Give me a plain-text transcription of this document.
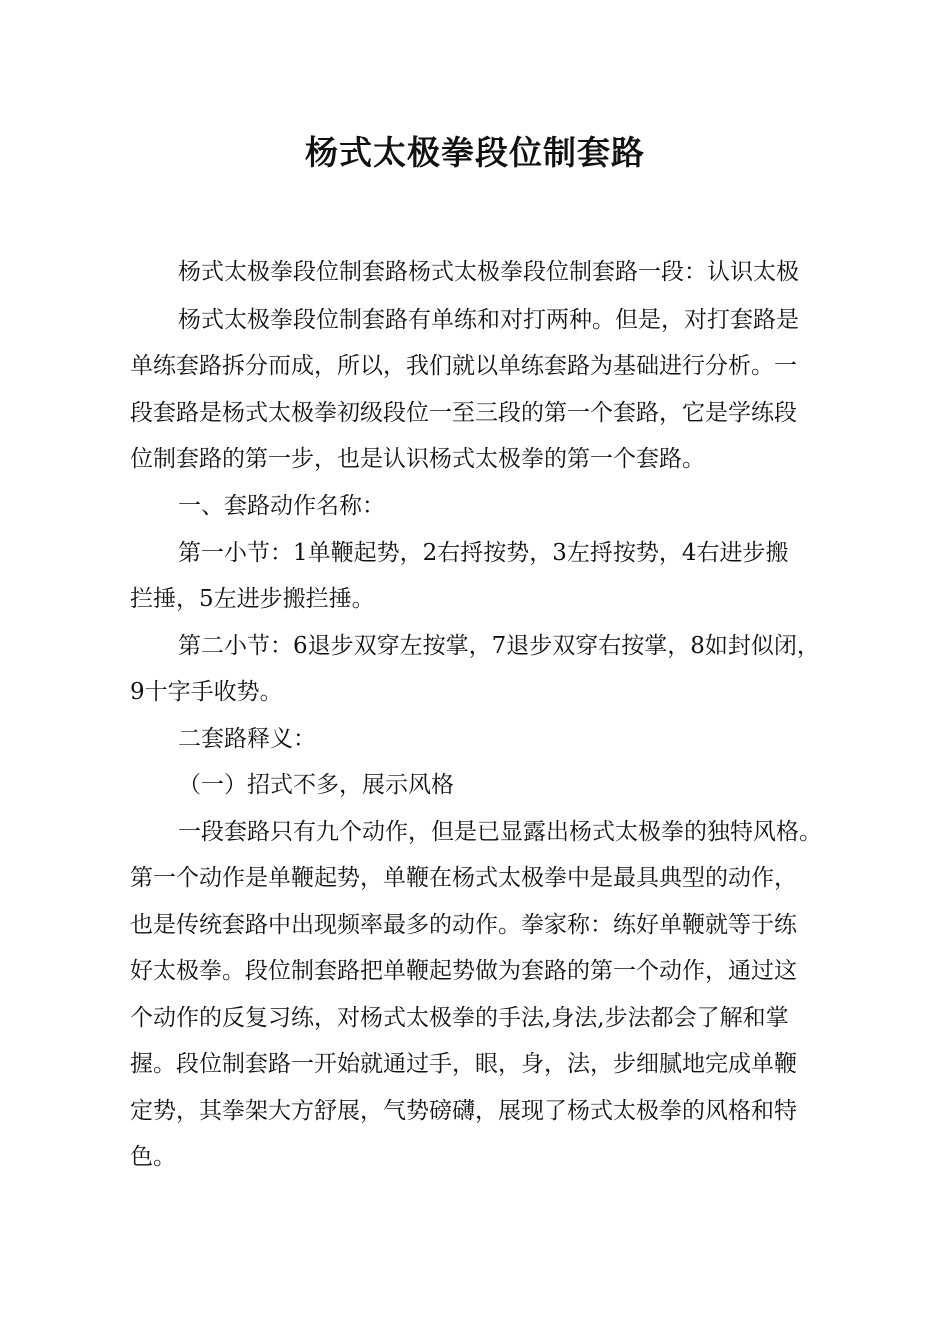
杨式太极拳段位制套路

杨式太极拳段位制套路杨式太极拳段位制套路一段：认识太极

杨式太极拳段位制套路有单练和对打两种。但是，对打套路是

单练套路拆分而成，所以，我们就以单练套路为基础进行分析。一

段套路是杨式太极拳初级段位一至三段的第一个套路，它是学练段

位制套路的第一步，也是认识杨式太极拳的第一个套路。

一、套路动作名称：

第一小节：1单鞭起势，2右捋按势，3左捋按势，4右进步搬

拦捶，5左进步搬拦捶。

第二小节：6退步双穿左按掌，7退步双穿右按掌，8如封似闭，

9十字手收势。

二套路释义：

（一）招式不多，展示风格

一段套路只有九个动作，但是已显露出杨式太极拳的独特风格。

第一个动作是单鞭起势，单鞭在杨式太极拳中是最具典型的动作，

也是传统套路中出现频率最多的动作。拳家称：练好单鞭就等于练

好太极拳。段位制套路把单鞭起势做为套路的第一个动作，通过这

个动作的反复习练，对杨式太极拳的手法,身法,步法都会了解和掌

握。段位制套路一开始就通过手，眼，身，法，步细腻地完成单鞭

定势，其拳架大方舒展，气势磅礴，展现了杨式太极拳的风格和特

色。
